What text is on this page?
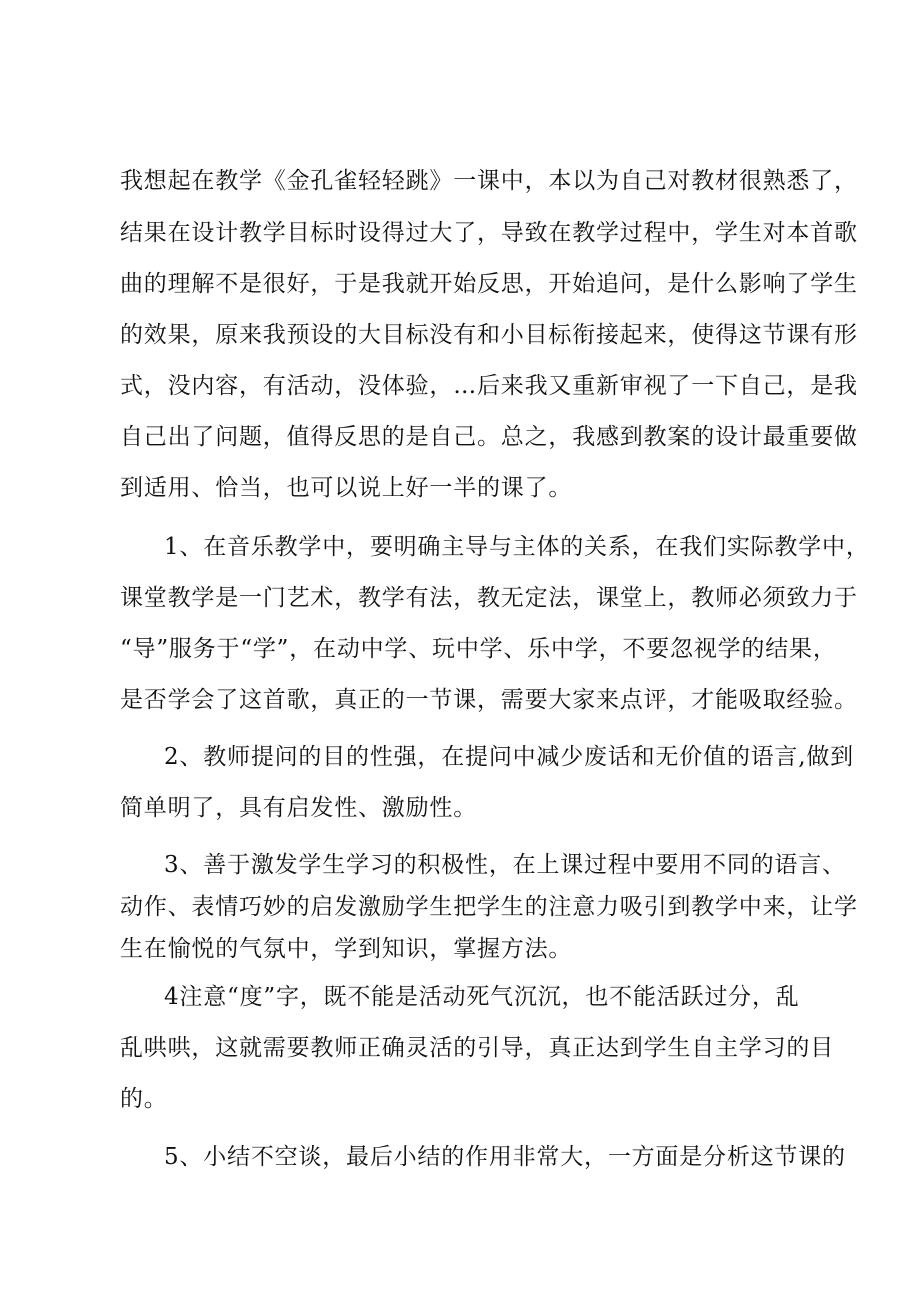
我想起在教学《金孔雀轻轻跳》一课中，本以为自己对教材很熟悉了，
结果在设计教学目标时设得过大了，导致在教学过程中，学生对本首歌
曲的理解不是很好，于是我就开始反思，开始追问，是什么影响了学生
的效果，原来我预设的大目标没有和小目标衔接起来，使得这节课有形
式，没内容，有活动，没体验，…后来我又重新审视了一下自己，是我
自己出了问题，值得反思的是自己。总之，我感到教案的设计最重要做
到适用、恰当，也可以说上好一半的课了。
1、在音乐教学中，要明确主导与主体的关系，在我们实际教学中，
课堂教学是一门艺术，教学有法，教无定法，课堂上，教师必须致力于
“导”服务于“学”，在动中学、玩中学、乐中学，不要忽视学的结果，
是否学会了这首歌，真正的一节课，需要大家来点评，才能吸取经验。
2、教师提问的目的性强，在提问中减少废话和无价值的语言,做到
简单明了，具有启发性、激励性。
3、善于激发学生学习的积极性，在上课过程中要用不同的语言、
动作、表情巧妙的启发激励学生把学生的注意力吸引到教学中来，让学
生在愉悦的气氛中，学到知识，掌握方法。
4注意“度”字，既不能是活动死气沉沉，也不能活跃过分，乱
乱哄哄，这就需要教师正确灵活的引导，真正达到学生自主学习的目
的。
5、小结不空谈，最后小结的作用非常大，一方面是分析这节课的
